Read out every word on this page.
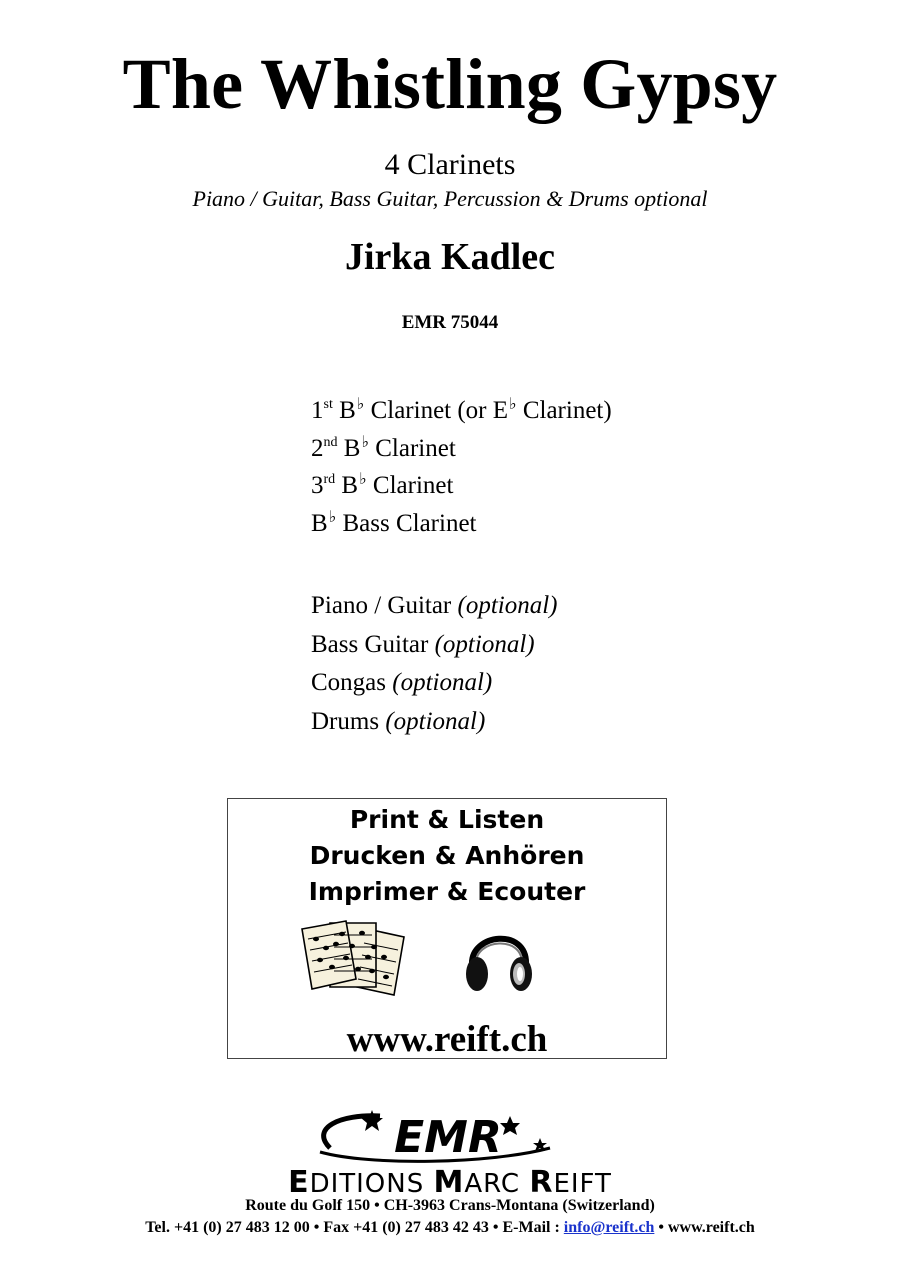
The Whistling Gypsy
4 Clarinets
Piano / Guitar, Bass Guitar, Percussion & Drums optional
Jirka Kadlec
EMR 75044
1st B♭ Clarinet (or E♭ Clarinet)
2nd B♭ Clarinet
3rd B♭ Clarinet
B♭ Bass Clarinet
Piano / Guitar (optional)
Bass Guitar (optional)
Congas (optional)
Drums (optional)
Print & Listen
Drucken & Anhören
Imprimer & Ecouter
www.reift.ch
EMR
EDITIONS MARC REIFT
Route du Golf 150 • CH-3963 Crans-Montana (Switzerland)
Tel. +41 (0) 27 483 12 00 • Fax +41 (0) 27 483 42 43 • E-Mail : info@reift.ch • www.reift.ch
